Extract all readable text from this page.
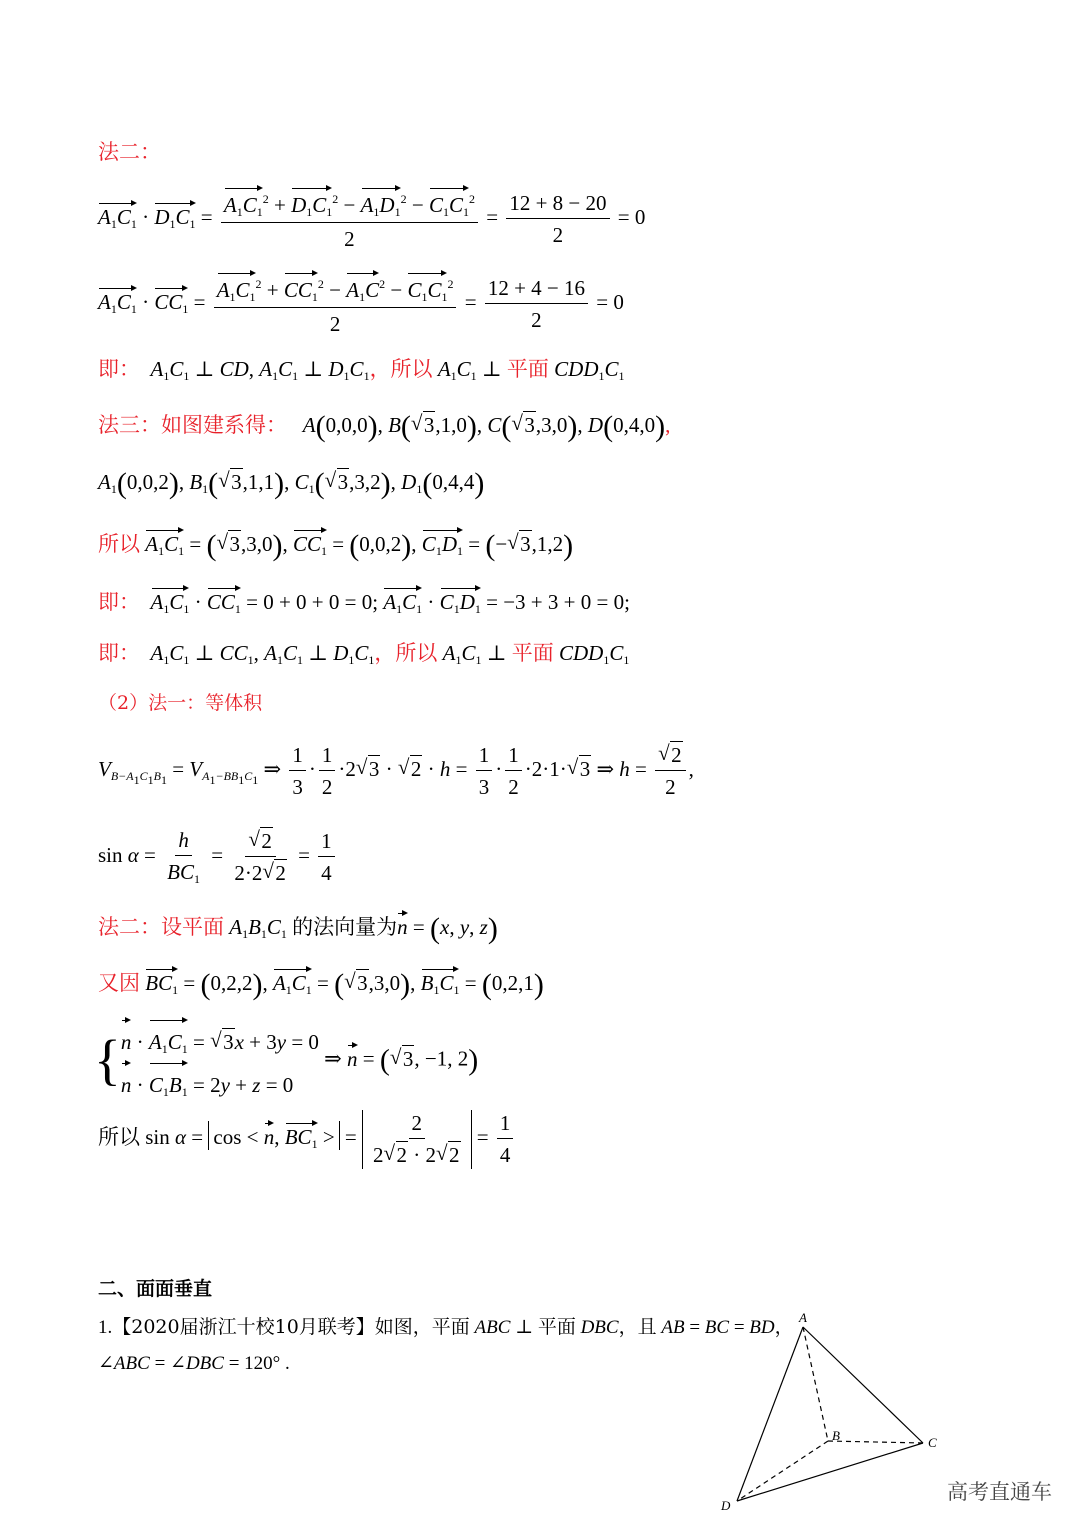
法二：
$A_1C_1 \cdot D_1C_1 = \frac{A_1C_1^2 + D_1C_1^2 - A_1D_1^2 - C_1C_1^2}{2} = \frac{12 + 8 - 20}{2} = 0$
$A_1C_1 \cdot CC_1 = \frac{A_1C_1^2 + CC_1^2 - A_1C^2 - C_1C_1^2}{2} = \frac{12 + 4 - 16}{2} = 0$
即： $A_1C_1$ ⊥ CD, $A_1C_1$ ⊥ $D_1C_1$，所以 $A_1C_1$ ⊥ 平面 $CDD_1C_1$
法三：如图建系得： A(0,0,0), B(√ 3,1,0), C(√ 3,3,0), D(0,4,0),
$A_1(0,0,2)$, $B_1(√$ 3,1,1), $C_1(√$ 3,3,2), $D_1(0,4,4)$
所以 $A_1C_1$ = (√ 3,3,0), $CC_1 = (0,0,2)$, $C_1D_1$ = (−√ 3,1,2)
即： $A_1C_1 \cdot CC_1 = 0 + 0 + 0 = 0$; $A_1C_1 \cdot C_1D_1 = -3 + 3 + 0 = 0$;
即： $A_1C_1$ ⊥ $CC_1$, $A_1C_1$ ⊥ $D_1C_1$，所以 $A_1C_1$ ⊥ 平面 $CDD_1C_1$
（2）法一：等体积
$V_{B-A_1C_1B_1} = V_{A_1-BB_1C_1}$ ⇒ $\frac{1}{3} \cdot \frac{1}{2} \cdot 2√$ 3 · √ $2 \cdot h = \frac{1}{3} \cdot \frac{1}{2} \cdot 2\cdot 1\cdot√$ 3 ⇒ h =
√ $\frac{2}{2}$ ,
$\sin \alpha = \frac{h}{BC_1}$ =
√ $\frac{2}{2\cdot 2√ 2} = \frac{1}{4}$
法二：设平面 $A_1B_1C_1$ 的法向量为n = (x, y, z)
又因 $BC_1 = (0,2,2)$, $A_1C_1$ = (√ 3,3,0), $B_1C_1 = (0,2,1)$
{ $n \cdot A_1C_1$ = √ 3x + 3y = 0
$n \cdot C_1B_1 = 2y + z = 0$
⇒ n = (√ 3, −1, 2)
所以 sin α = cos < n, $BC_1$ > = $\frac{2}{2√ 2 \cdot 2√ 2} = \frac{1}{4}$
二、面面垂直
1.【2020届浙江十校10月联考】如图，平面 ABC ⊥ 平面 DBC，且 AB = BC = BD，
∠ABC = ∠DBC = 120° .
A
B	C
D
高考直通车
